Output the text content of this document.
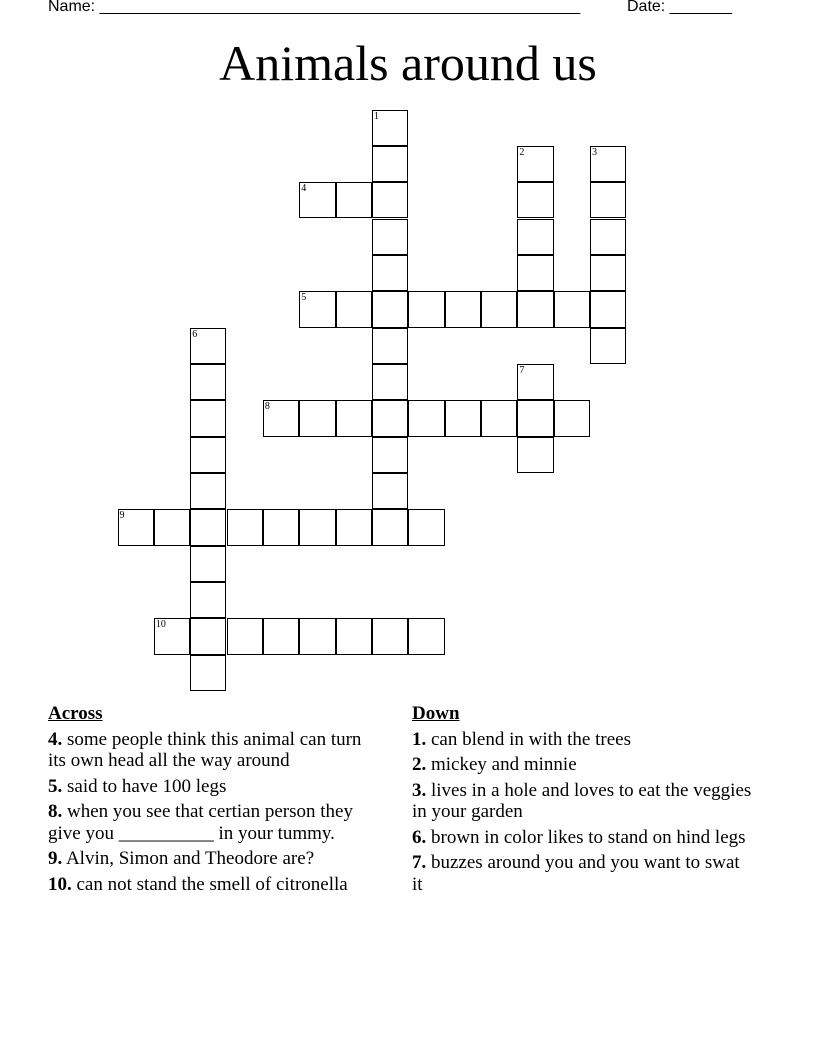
Name: ______________________________________________________	Date: _______
Animals around us
1
2	3
4
5
6
7
8
9
10
Across
4. some people think this animal can turn its own head all the way around
5. said to have 100 legs
8. when you see that certian person they give you __________ in your tummy.
9. Alvin, Simon and Theodore are?
10. can not stand the smell of citronella
Down
1. can blend in with the trees
2. mickey and minnie
3. lives in a hole and loves to eat the veggies in your garden
6. brown in color likes to stand on hind legs
7. buzzes around you and you want to swat it
